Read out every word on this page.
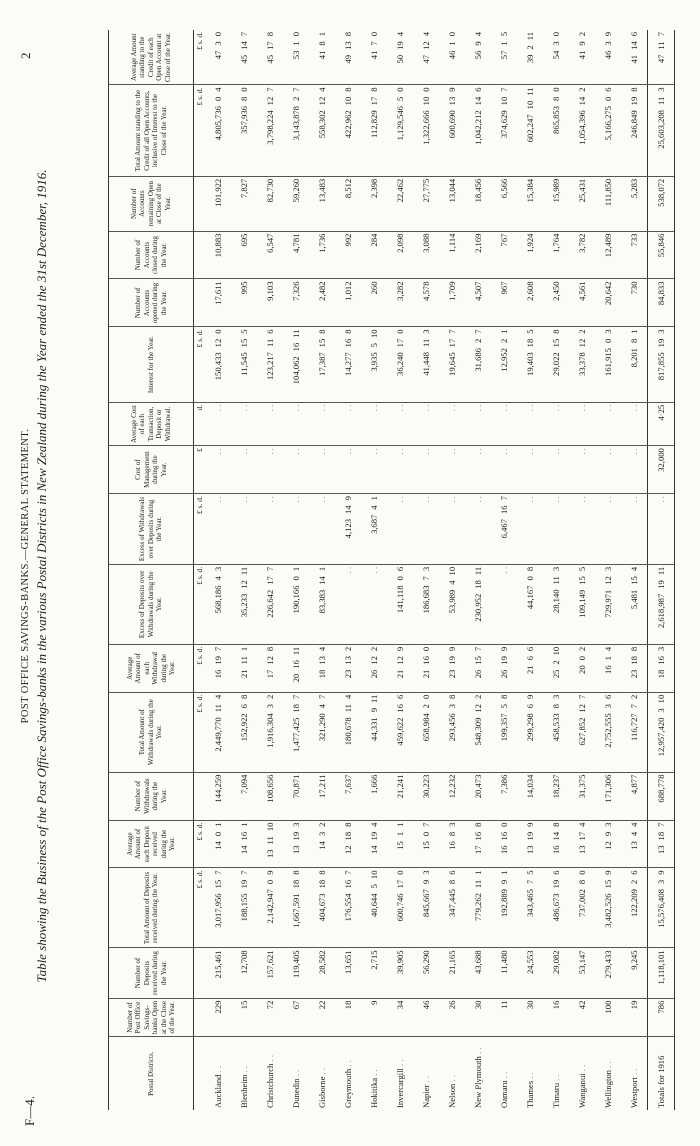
F—4.
2
POST OFFICE SAVINGS-BANKS.—GENERAL STATEMENT. Table showing the Business of the Post Office Savings-banks in the various Postal Districts in New Zealand during the Year ended the 31st December, 1916.
Postal Districts.	Number of Post Office Savings-banks Open at the Close of the Year.	Number of Deposits received during the Year.	Total Amount of Deposits received during the Year.	Average Amount of each Deposit received during the Year.	Number of Withdrawals during the Year.	Total Amount of Withdrawals during the Year.	Average Amount of each Withdrawal during the Year.	Excess of Deposits over Withdrawals during the Year.	Excess of Withdrawals over Deposits during the Year.	Cost of Management during the Year.	Average Cost of each Transaction, Deposit or Withdrawal.	Interest for the Year.	Number of Accounts opened during the Year.	Number of Accounts closed during the Year.	Number of Accounts remaining Open at Close of the Year.	Total Amount standing to the Credit of all Open Accounts, inclusive of Interest to the Close of the Year.	Average Amount standing to the Credit of each Open Account at Close of the Year.
			£ s. d.	£ s. d.		£ s. d.	£ s. d.	£ s. d.	£ s. d.	£	d.	£ s. d.				£ s. d.	£ s. d.
Auckland . .	229	215,461	3,017,956157	1401	144,259	2,449,770114	16197	568,18643	. .	. .	. .	150,433120	17,611	10,883	101,922	4,805,73604	4730
Blenheim . .	15	12,708	188,155197	14161	7,094	152,92268	21111	35,2331211	. .	. .	. .	11,545155	995	695	7,827	357,93680	45147
Christchurch . .	72	157,621	2,142,94709	131110	108,656	1,916,30432	17128	226,642177	. .	. .	. .	123,217116	9,103	6,547	82,730	3,798,224127	45178
Dunedin . .	67	119,405	1,667,591188	13193	70,871	1,477,425187	201611	190,16601	. .	. .	. .	104,0621611	7,326	4,781	59,260	3,143,87827	5310
Gisborne . .	22	28,582	404,673188	1432	17,211	321,29047	18134	83,383141	. .	. .	. .	17,387158	2,482	1,736	13,483	558,302124	4181
Greymouth . .	18	13,651	176,554167	12188	7,637	180,678114	23132	. .	4,123149	. .	. .	14,277168	1,012	992	8,512	422,962108	49138
Hokitika . .	9	2,715	40,644510	14194	1,666	44,331911	26122	. .	3,68741	. .	. .	3,935510	260	284	2,398	112,829178	4170
Invercargill . .	34	39,905	600,746170	1511	21,241	459,622166	21129	141,11806	. .	. .	. .	36,240170	3,282	2,098	22,462	1,129,54650	50194
Napier . .	46	56,290	845,66793	1507	30,223	658,98420	21160	186,68373	. .	. .	. .	41,448113	4,578	3,088	27,775	1,322,666100	47124
Nelson . .	26	21,165	347,44586	1683	12,232	293,45638	23199	53,989410	. .	. .	. .	19,645177	1,709	1,114	13,044	600,690139	4610
New Plymouth . .	30	43,688	779,262111	17168	20,473	548,309122	26157	230,9521811	. .	. .	. .	31,68627	4,507	2,169	18,456	1,042,212146	5694
Oamaru . .	11	11,480	192,88991	16160	7,386	199,35758	26199	. .	6,467167	. .	. .	12,95221	967	767	6,566	374,629107	5715
Thames . .	30	24,553	343,46575	13199	14,034	299,29869	2166	44,16708	. .	. .	. .	19,403185	2,608	1,924	15,384	602,2471011	39211
Timaru . .	16	29,082	486,673196	16148	18,237	458,53383	25210	28,140113	. .	. .	. .	29,022158	2,450	1,764	15,989	865,85380	5430
Wanganui . .	42	53,147	737,00280	13174	31,375	627,852127	2002	109,149155	. .	. .	. .	33,378122	4,561	3,782	25,431	1,054,396142	4192
Wellington . .	100	279,433	3,482,526159	1293	171,306	2,752,55536	1614	729,971123	. .	. .	. .	161,91503	20,642	12,489	111,850	5,166,27506	4639
Westport . .	19	9,245	122,20926	1344	4,877	116,72772	23188	5,481154	. .	. .	. .	8,20181	730	733	5,283	246,849198	41146
Totals for 1916	786	1,118,101	15,576,40839	13187	688,778	12,957,420310	18163	2,618,9871911	. .	32,000	4·25	817,855193	84,833	55,846	538,072	25,603,208113	47117
